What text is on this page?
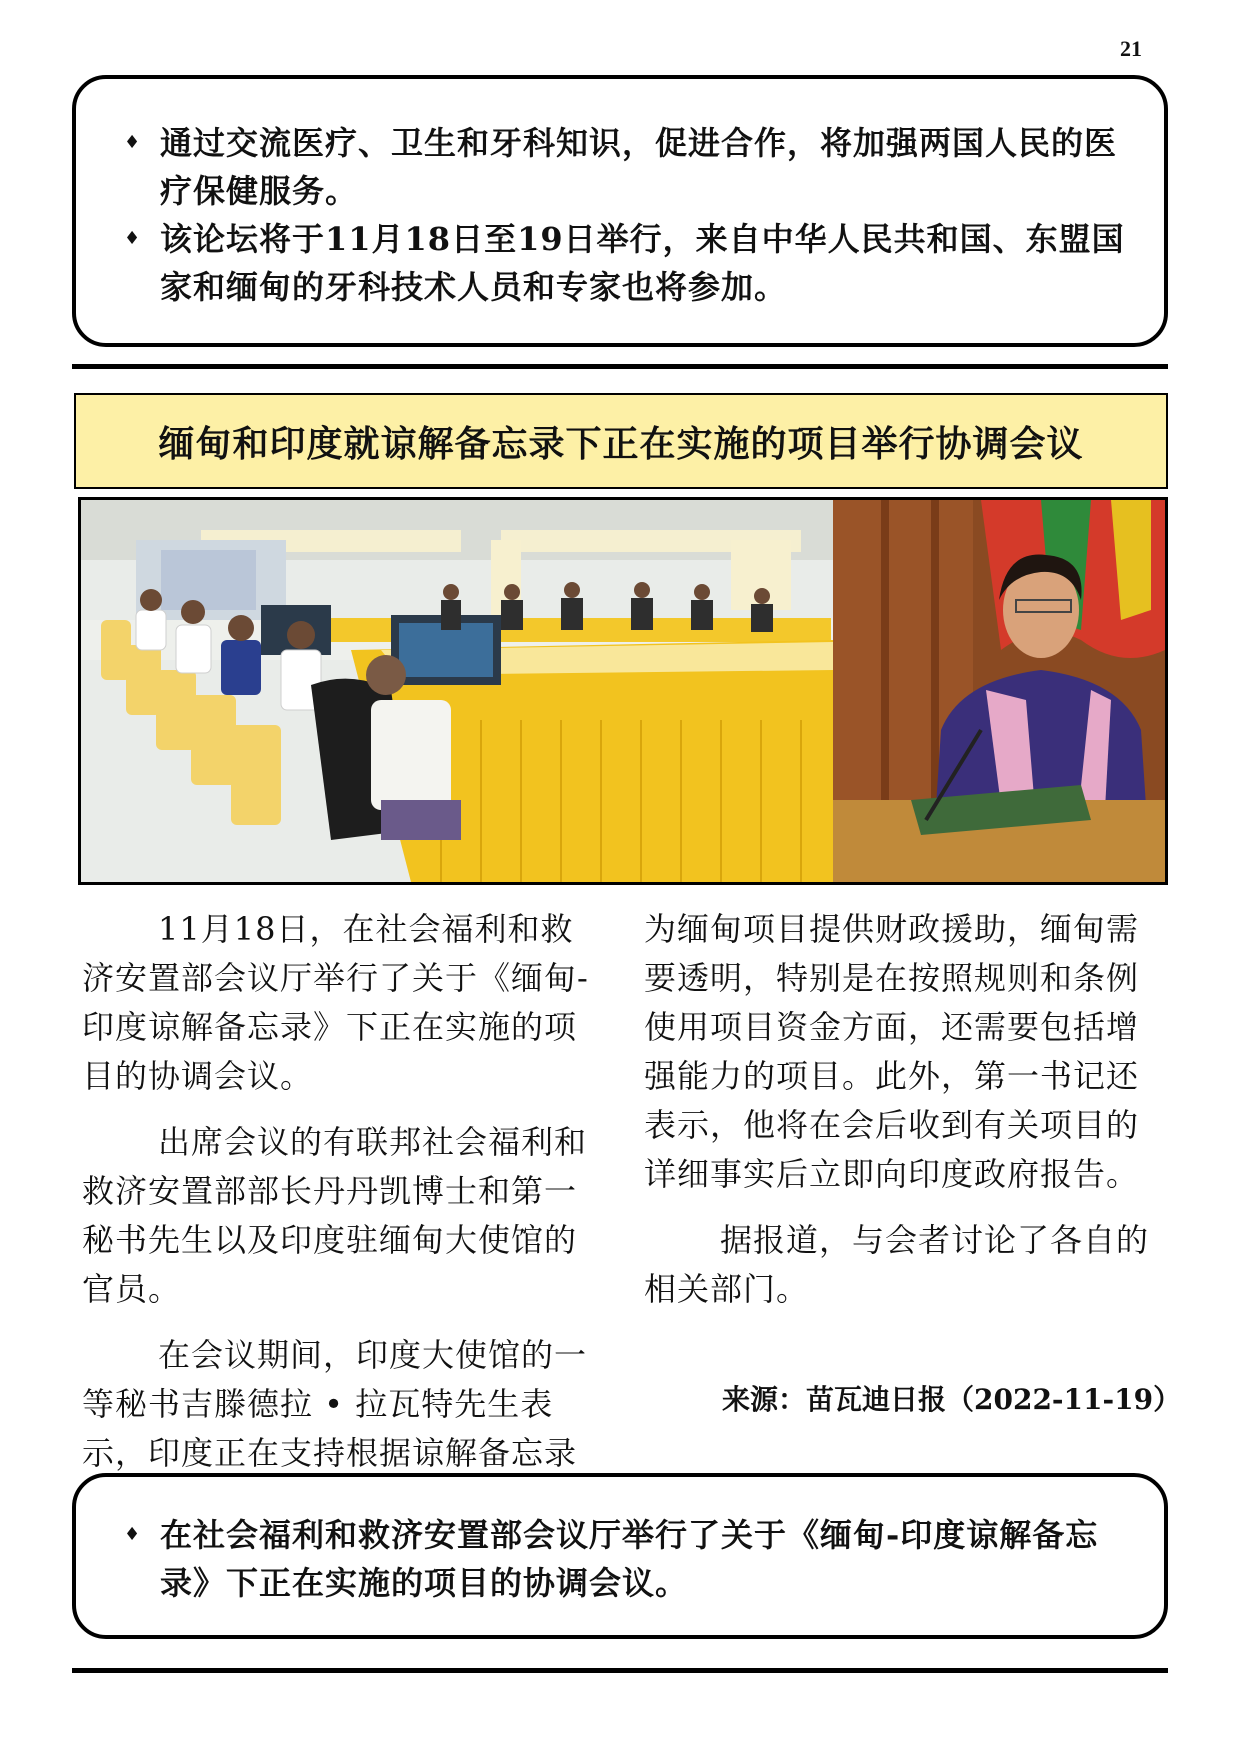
21
♦ 通过交流医疗、卫生和牙科知识，促进合作，将加强两国人民的医疗保健服务。
♦ 该论坛将于11月18日至19日举行，来自中华人民共和国、东盟国家和缅甸的牙科技术人员和专家也将参加。
缅甸和印度就谅解备忘录下正在实施的项目举行协调会议

11月18日，在社会福利和救济安置部会议厅举行了关于《缅甸-印度谅解备忘录》下正在实施的项目的协调会议。

出席会议的有联邦社会福利和救济安置部部长丹丹凯博士和第一秘书先生以及印度驻缅甸大使馆的官员。

在会议期间，印度大使馆的一等秘书吉滕德拉 • 拉瓦特先生表示，印度正在支持根据谅解备忘录

为缅甸项目提供财政援助，缅甸需要透明，特别是在按照规则和条例使用项目资金方面，还需要包括增强能力的项目。此外，第一书记还表示，他将在会后收到有关项目的详细事实后立即向印度政府报告。

据报道，与会者讨论了各自的相关部门。

来源：苗瓦迪日报（2022-11-19）
♦ 在社会福利和救济安置部会议厅举行了关于《缅甸-印度谅解备忘录》下正在实施的项目的协调会议。
